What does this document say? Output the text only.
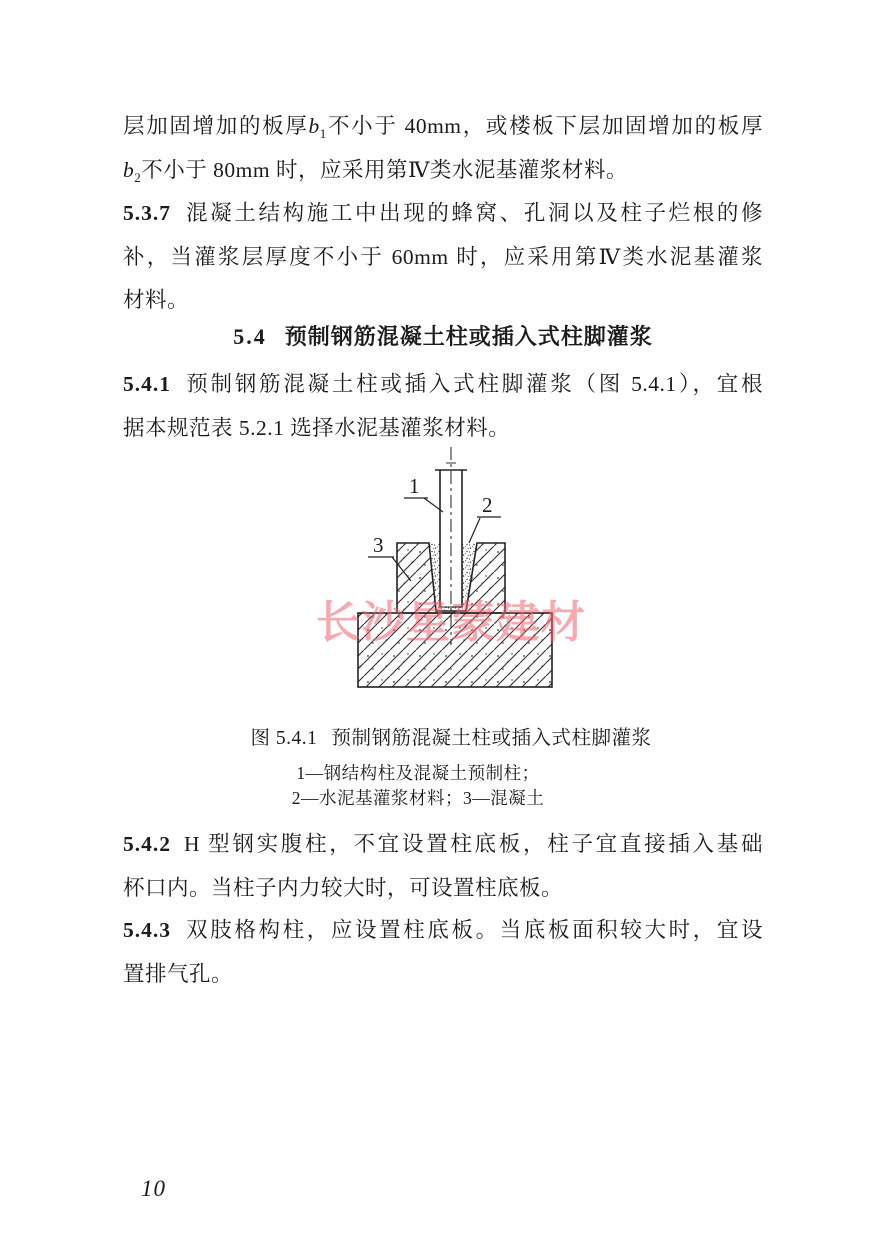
层加固增加的板厚$b_1$不小于 40mm，或楼板下层加固增加的板厚
$b_2$不小于 80mm 时，应采用第Ⅳ类水泥基灌浆材料。
5.3.7 混凝土结构施工中出现的蜂窝、孔洞以及柱子烂根的修
补，当灌浆层厚度不小于 60mm 时，应采用第Ⅳ类水泥基灌浆
材料。
5.4 预制钢筋混凝土柱或插入式柱脚灌浆
5.4.1 预制钢筋混凝土柱或插入式柱脚灌浆（图 5.4.1），宜根
据本规范表 5.2.1 选择水泥基灌浆材料。
1
2
3
长沙星蒙建材
图 5.4.1 预制钢筋混凝土柱或插入式柱脚灌浆
1—钢结构柱及混凝土预制柱；
2—水泥基灌浆材料；3—混凝土
5.4.2 H 型钢实腹柱，不宜设置柱底板，柱子宜直接插入基础
杯口内。当柱子内力较大时，可设置柱底板。
5.4.3 双肢格构柱，应设置柱底板。当底板面积较大时，宜设
置排气孔。
10
